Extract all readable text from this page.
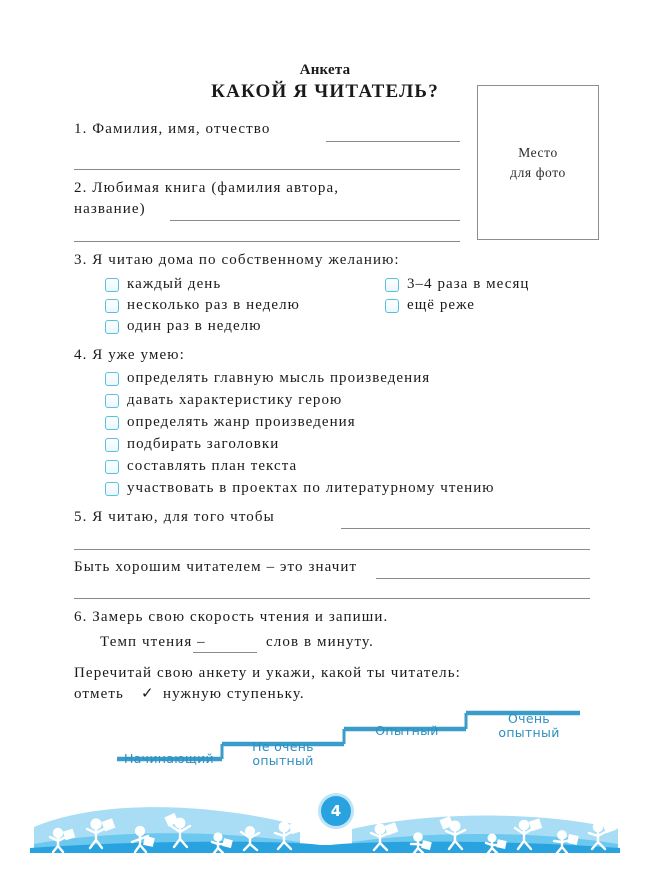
Анкета
КАКОЙ Я ЧИТАТЕЛЬ?
Место
для фото
1. Фамилия, имя, отчество
2. Любимая книга (фамилия автора,
название)
3. Я читаю дома по собственному желанию:
каждый день
несколько раз в неделю
один раз в неделю
3–4 раза в месяц
ещё реже
4. Я уже умею:
определять главную мысль произведения
давать характеристику герою
определять жанр произведения
подбирать заголовки
составлять план текста
участвовать в проектах по литературному чтению
5. Я читаю, для того чтобы
Быть хорошим читателем – это значит
6. Замерь свою скорость чтения и запиши.
Темп чтения –	слов в минуту.
Перечитай свою анкету и укажи, какой ты читатель:
отметь ✓ нужную ступеньку.
Начинающий
Не очень
опытный
Опытный
Очень
опытный
4
